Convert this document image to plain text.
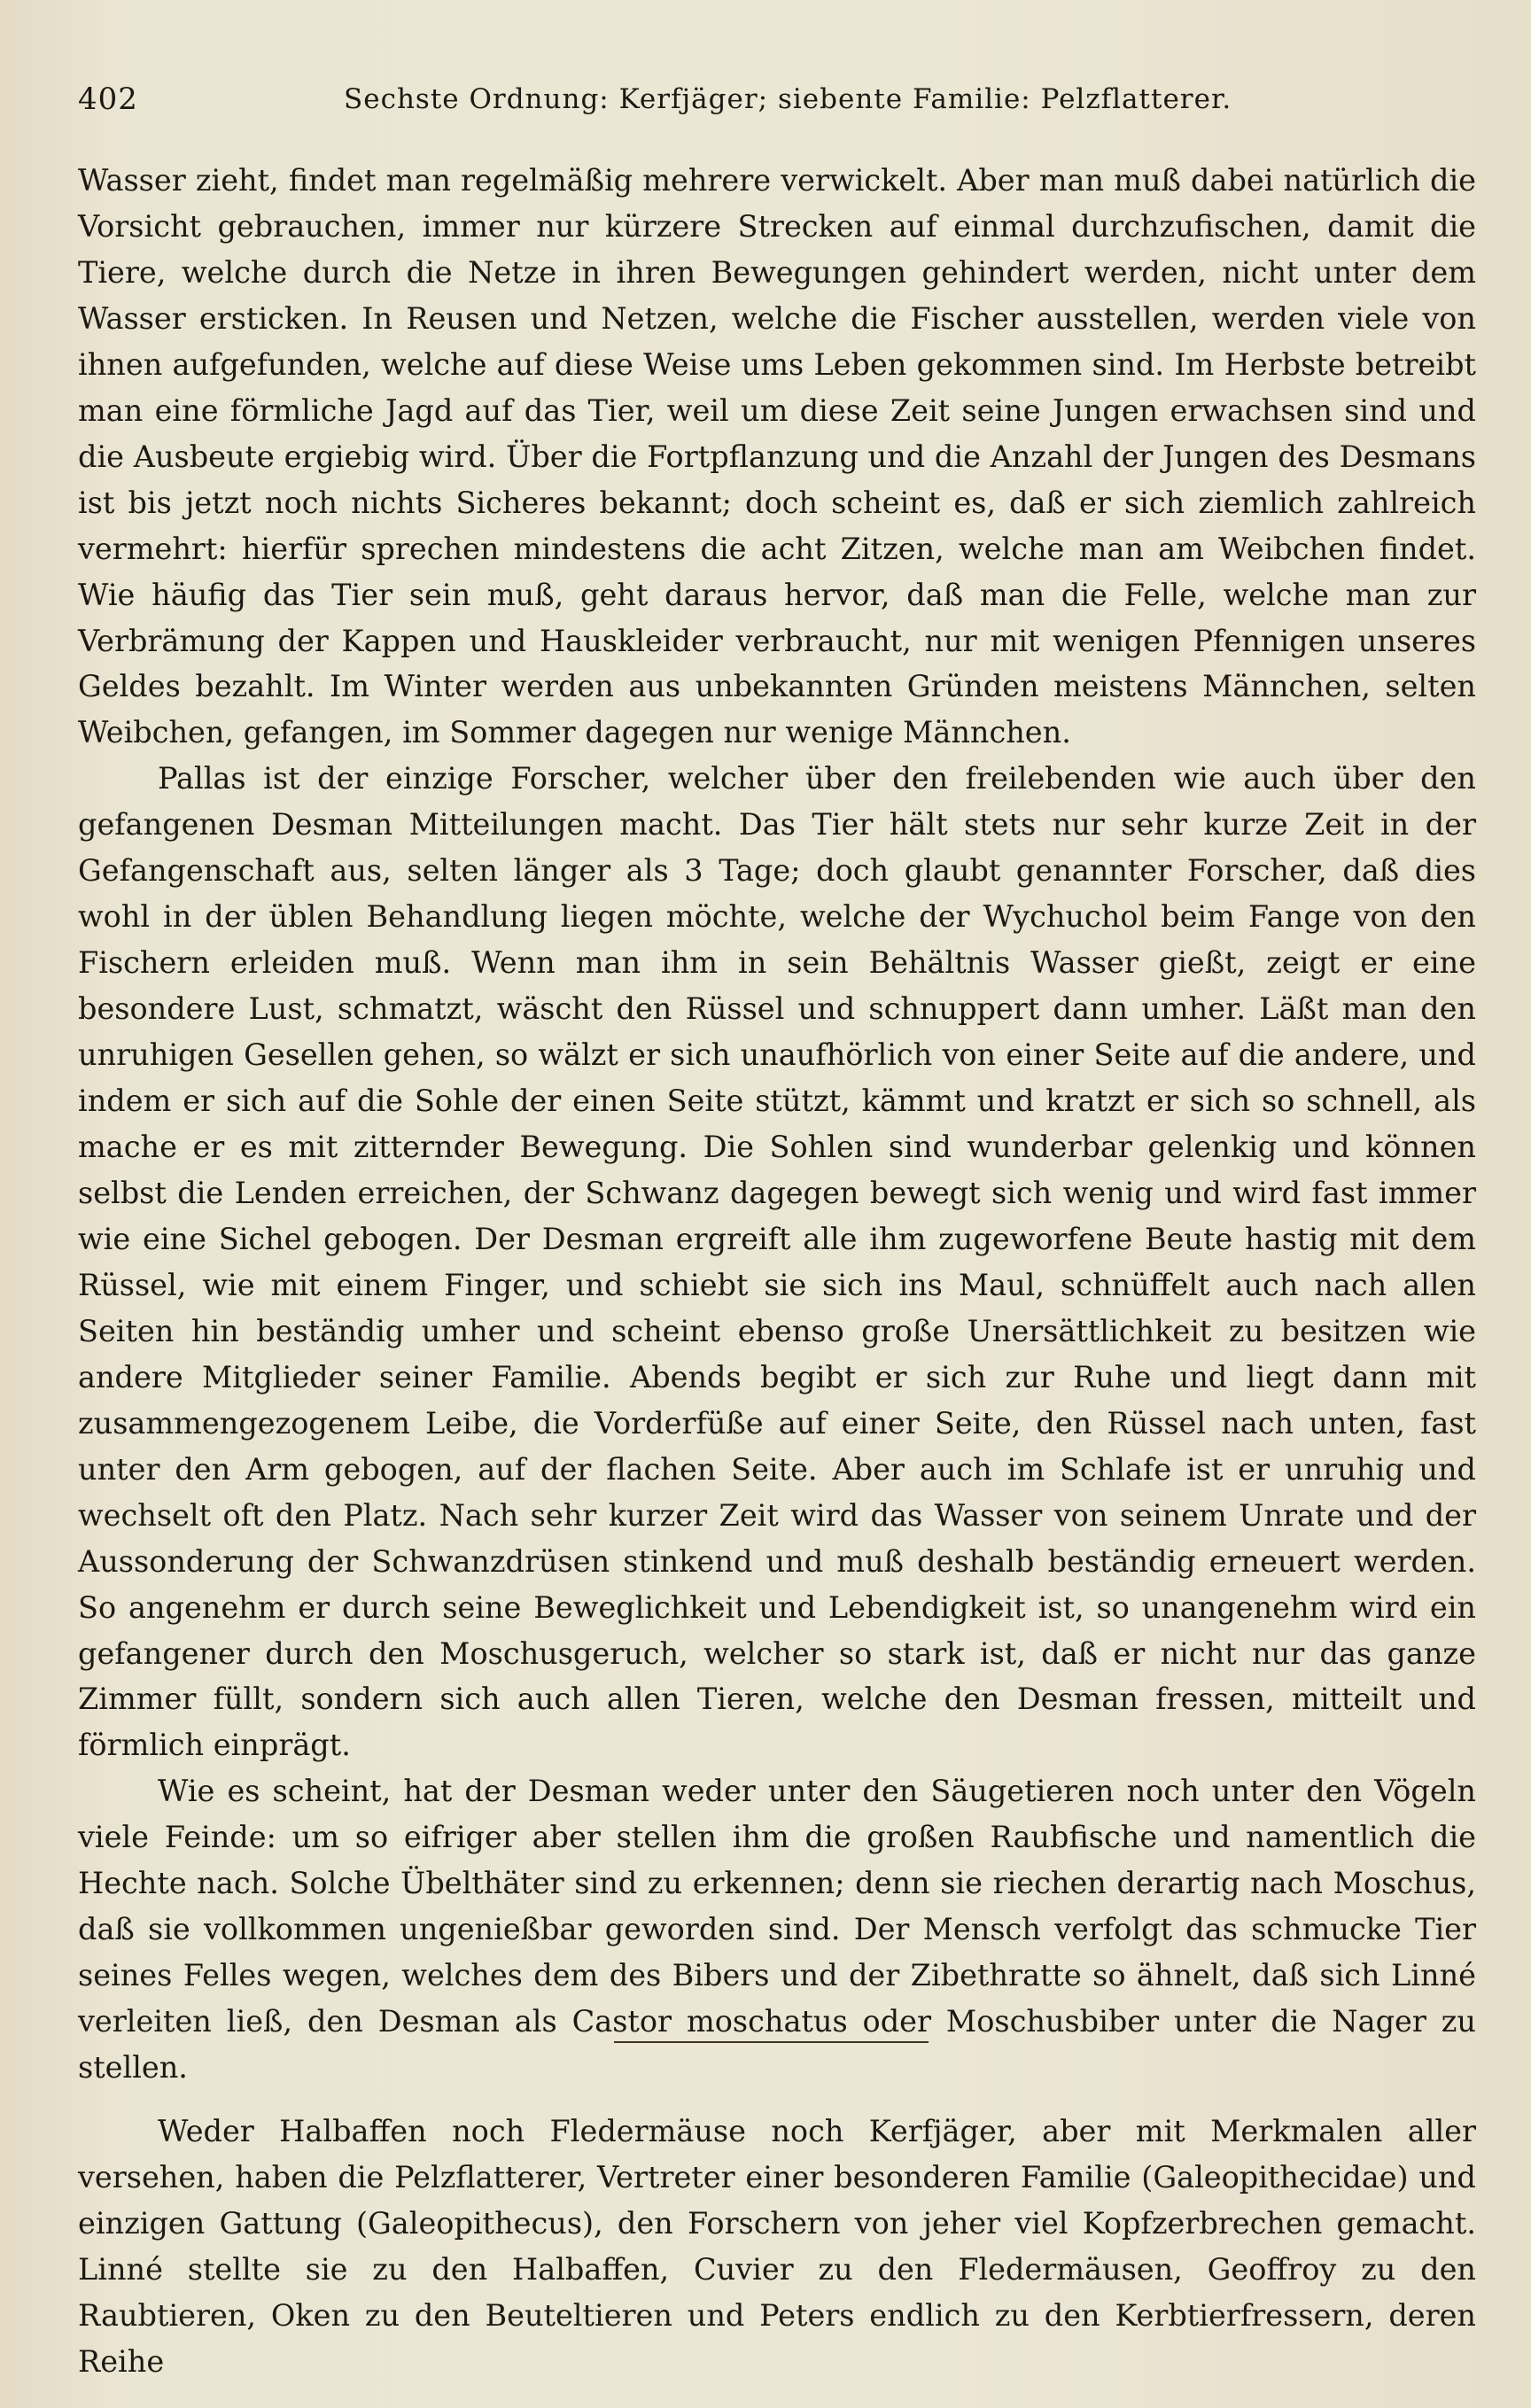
402	Sechste Ordnung: Kerfjäger; siebente Familie: Pelzflatterer.

Wasser zieht, findet man regelmäßig mehrere verwickelt. Aber man muß dabei natürlich die Vorsicht gebrauchen, immer nur kürzere Strecken auf einmal durchzufischen, damit die Tiere, welche durch die Netze in ihren Bewegungen gehindert werden, nicht unter dem Wasser ersticken. In Reusen und Netzen, welche die Fischer ausstellen, werden viele von ihnen aufgefunden, welche auf diese Weise ums Leben gekommen sind. Im Herbste betreibt man eine förmliche Jagd auf das Tier, weil um diese Zeit seine Jungen erwachsen sind und die Ausbeute ergiebig wird. Über die Fortpflanzung und die Anzahl der Jungen des Desmans ist bis jetzt noch nichts Sicheres bekannt; doch scheint es, daß er sich ziemlich zahlreich vermehrt: hierfür sprechen mindestens die acht Zitzen, welche man am Weibchen findet. Wie häufig das Tier sein muß, geht daraus hervor, daß man die Felle, welche man zur Verbrämung der Kappen und Hauskleider verbraucht, nur mit wenigen Pfennigen unseres Geldes bezahlt. Im Winter werden aus unbekannten Gründen meistens Männchen, selten Weibchen, gefangen, im Sommer dagegen nur wenige Männchen.

Pallas ist der einzige Forscher, welcher über den freilebenden wie auch über den gefangenen Desman Mitteilungen macht. Das Tier hält stets nur sehr kurze Zeit in der Gefangenschaft aus, selten länger als 3 Tage; doch glaubt genannter Forscher, daß dies wohl in der üblen Behandlung liegen möchte, welche der Wychuchol beim Fange von den Fischern erleiden muß. Wenn man ihm in sein Behältnis Wasser gießt, zeigt er eine besondere Lust, schmatzt, wäscht den Rüssel und schnuppert dann umher. Läßt man den unruhigen Gesellen gehen, so wälzt er sich unaufhörlich von einer Seite auf die andere, und indem er sich auf die Sohle der einen Seite stützt, kämmt und kratzt er sich so schnell, als mache er es mit zitternder Bewegung. Die Sohlen sind wunderbar gelenkig und können selbst die Lenden erreichen, der Schwanz dagegen bewegt sich wenig und wird fast immer wie eine Sichel gebogen. Der Desman ergreift alle ihm zugeworfene Beute hastig mit dem Rüssel, wie mit einem Finger, und schiebt sie sich ins Maul, schnüffelt auch nach allen Seiten hin beständig umher und scheint ebenso große Unersättlichkeit zu besitzen wie andere Mitglieder seiner Familie. Abends begibt er sich zur Ruhe und liegt dann mit zusammengezogenem Leibe, die Vorderfüße auf einer Seite, den Rüssel nach unten, fast unter den Arm gebogen, auf der flachen Seite. Aber auch im Schlafe ist er unruhig und wechselt oft den Platz. Nach sehr kurzer Zeit wird das Wasser von seinem Unrate und der Aussonderung der Schwanzdrüsen stinkend und muß deshalb beständig erneuert werden. So angenehm er durch seine Beweglichkeit und Lebendigkeit ist, so unangenehm wird ein gefangener durch den Moschusgeruch, welcher so stark ist, daß er nicht nur das ganze Zimmer füllt, sondern sich auch allen Tieren, welche den Desman fressen, mitteilt und förmlich einprägt.

Wie es scheint, hat der Desman weder unter den Säugetieren noch unter den Vögeln viele Feinde: um so eifriger aber stellen ihm die großen Raubfische und namentlich die Hechte nach. Solche Übelthäter sind zu erkennen; denn sie riechen derartig nach Moschus, daß sie vollkommen ungenießbar geworden sind. Der Mensch verfolgt das schmucke Tier seines Felles wegen, welches dem des Bibers und der Zibethratte so ähnelt, daß sich Linné verleiten ließ, den Desman als Castor moschatus oder Moschusbiber unter die Nager zu stellen.

Weder Halbaffen noch Fledermäuse noch Kerfjäger, aber mit Merkmalen aller versehen, haben die Pelzflatterer, Vertreter einer besonderen Familie (Galeopithecidae) und einzigen Gattung (Galeopithecus), den Forschern von jeher viel Kopfzerbrechen gemacht. Linné stellte sie zu den Halbaffen, Cuvier zu den Fledermäusen, Geoffroy zu den Raubtieren, Oken zu den Beuteltieren und Peters endlich zu den Kerbtierfressern, deren Reihe
